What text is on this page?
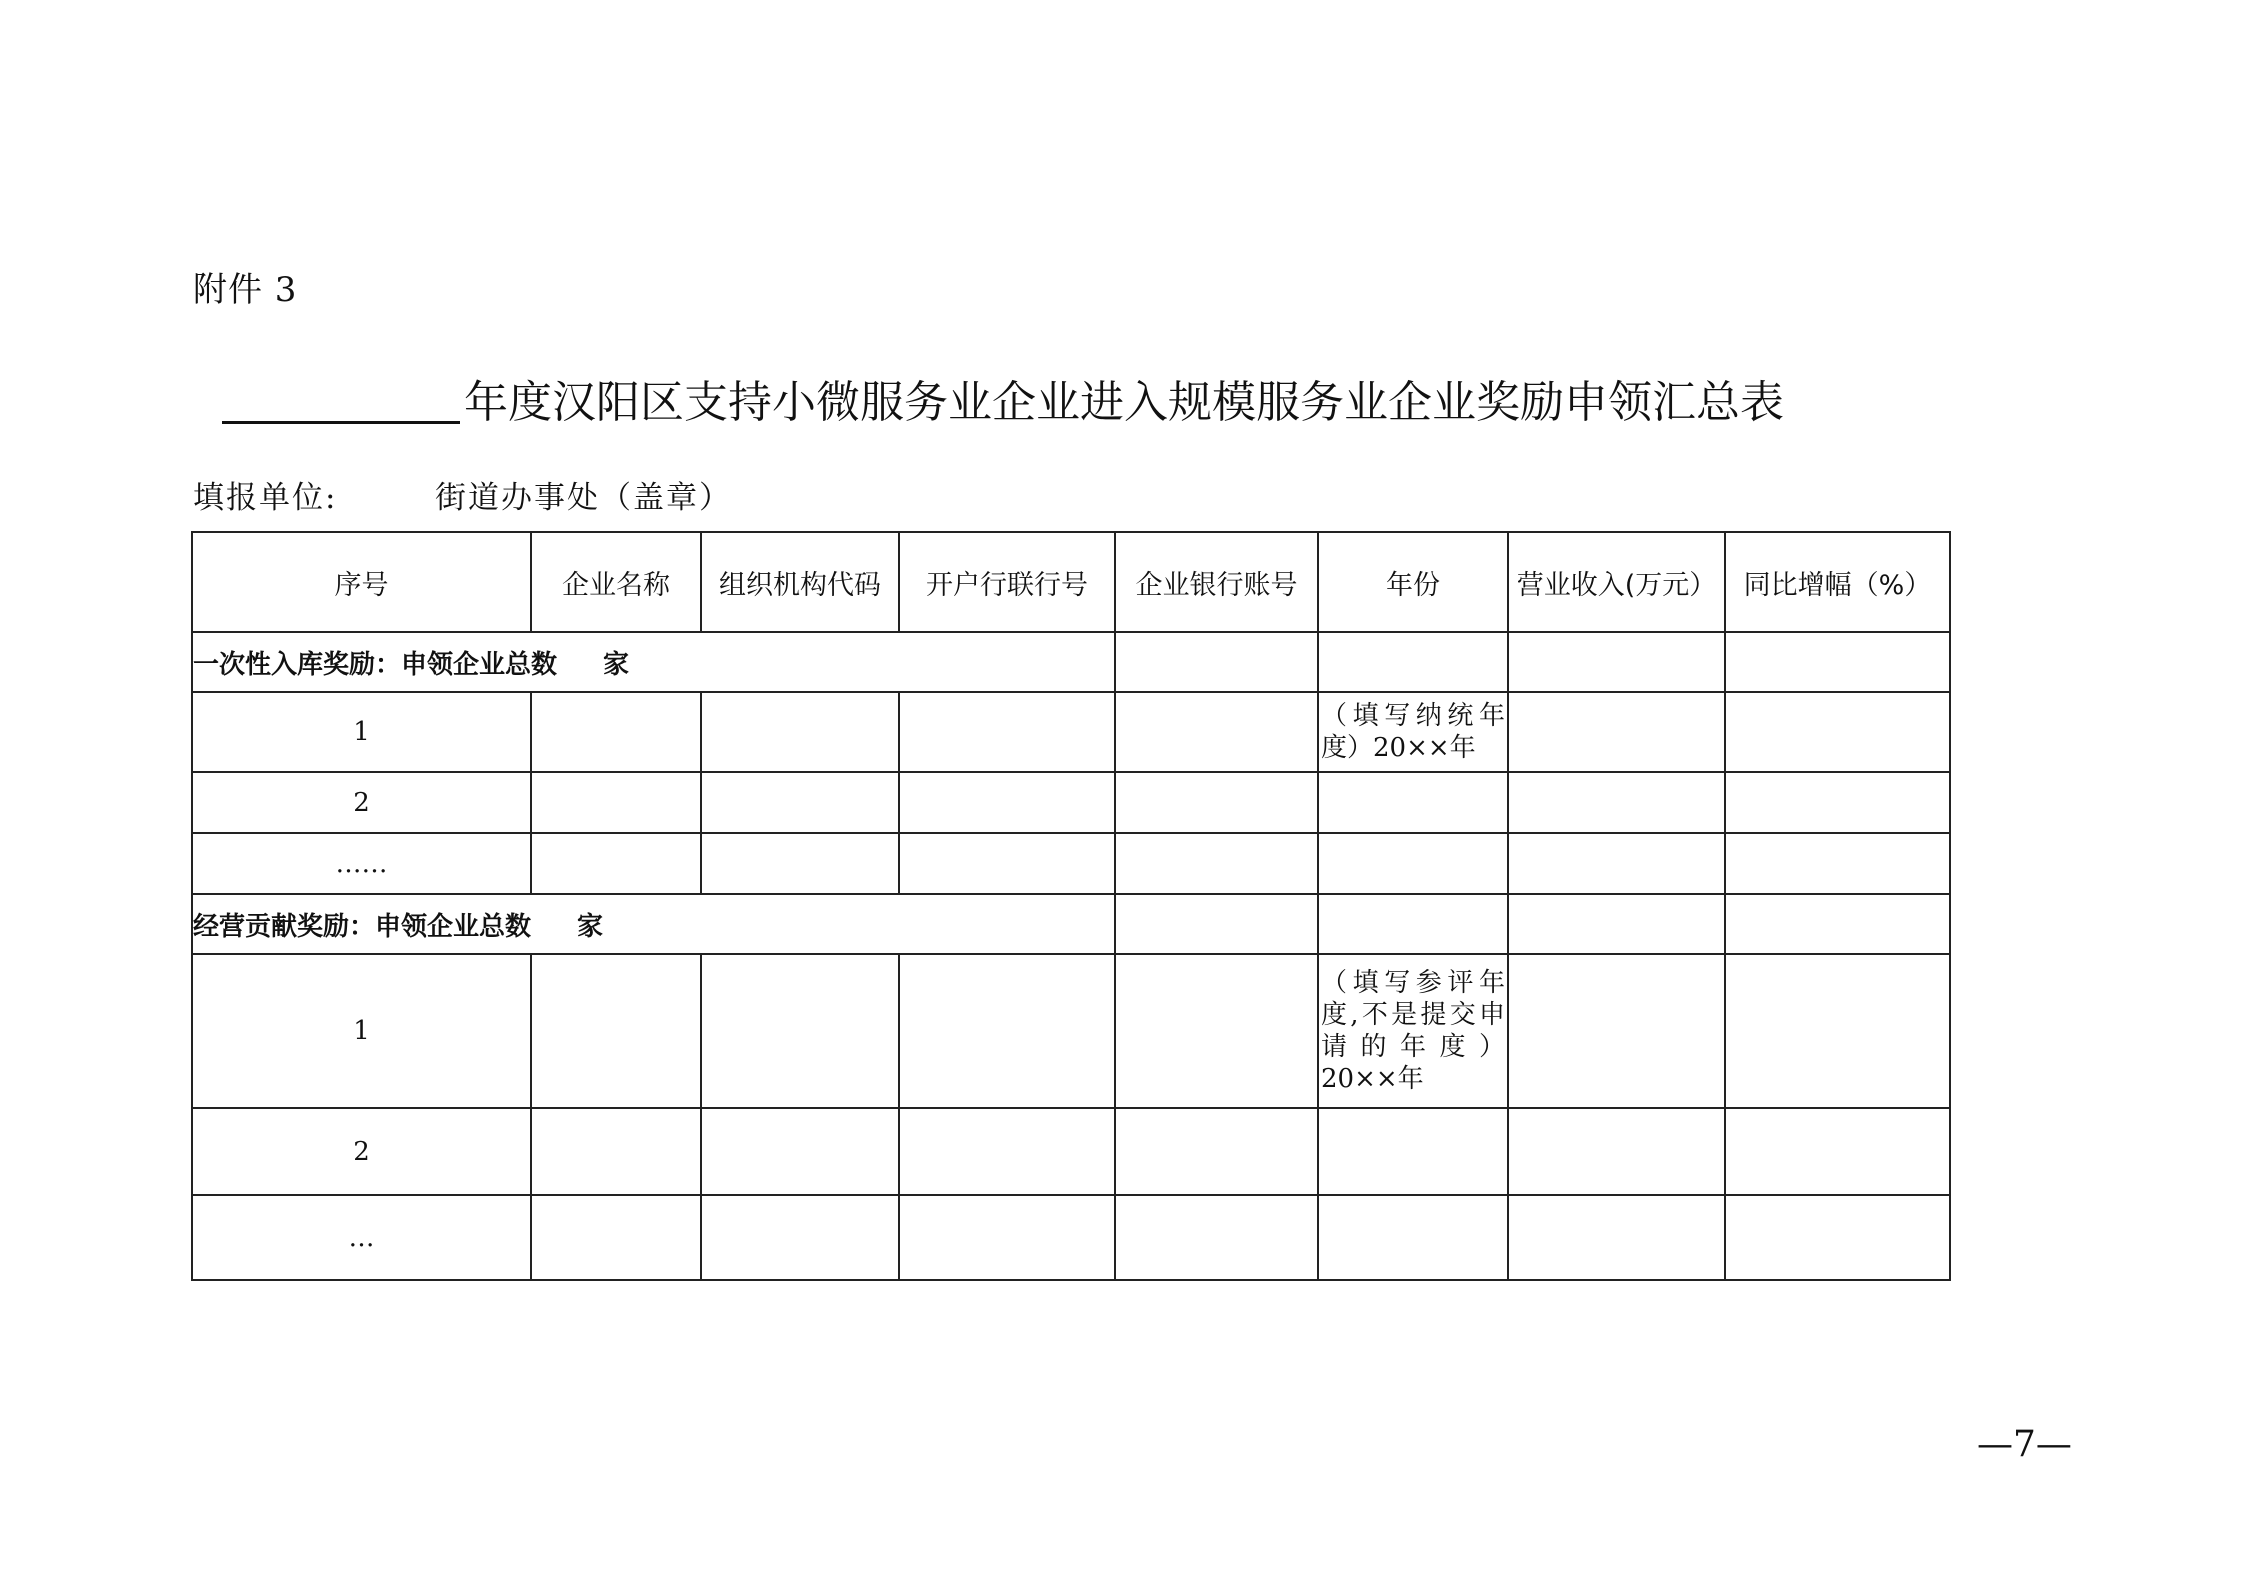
附件 3
年度汉阳区支持小微服务业企业进入规模服务业企业奖励申领汇总表
填报单位:	街道办事处（盖章）
序号	企业名称	组织机构代码	开户行联行号	企业银行账号	年份	营业收入(万元）	同比增幅（%）
一次性入库奖励：申领企业总数 家							
1					（填写纳统年
度）20××年		

2							
……							
经营贡献奖励：申领企业总数 家							
1					（填写参评年度,不是提交申请的年度）
20××年		

2							
…							
—7—
